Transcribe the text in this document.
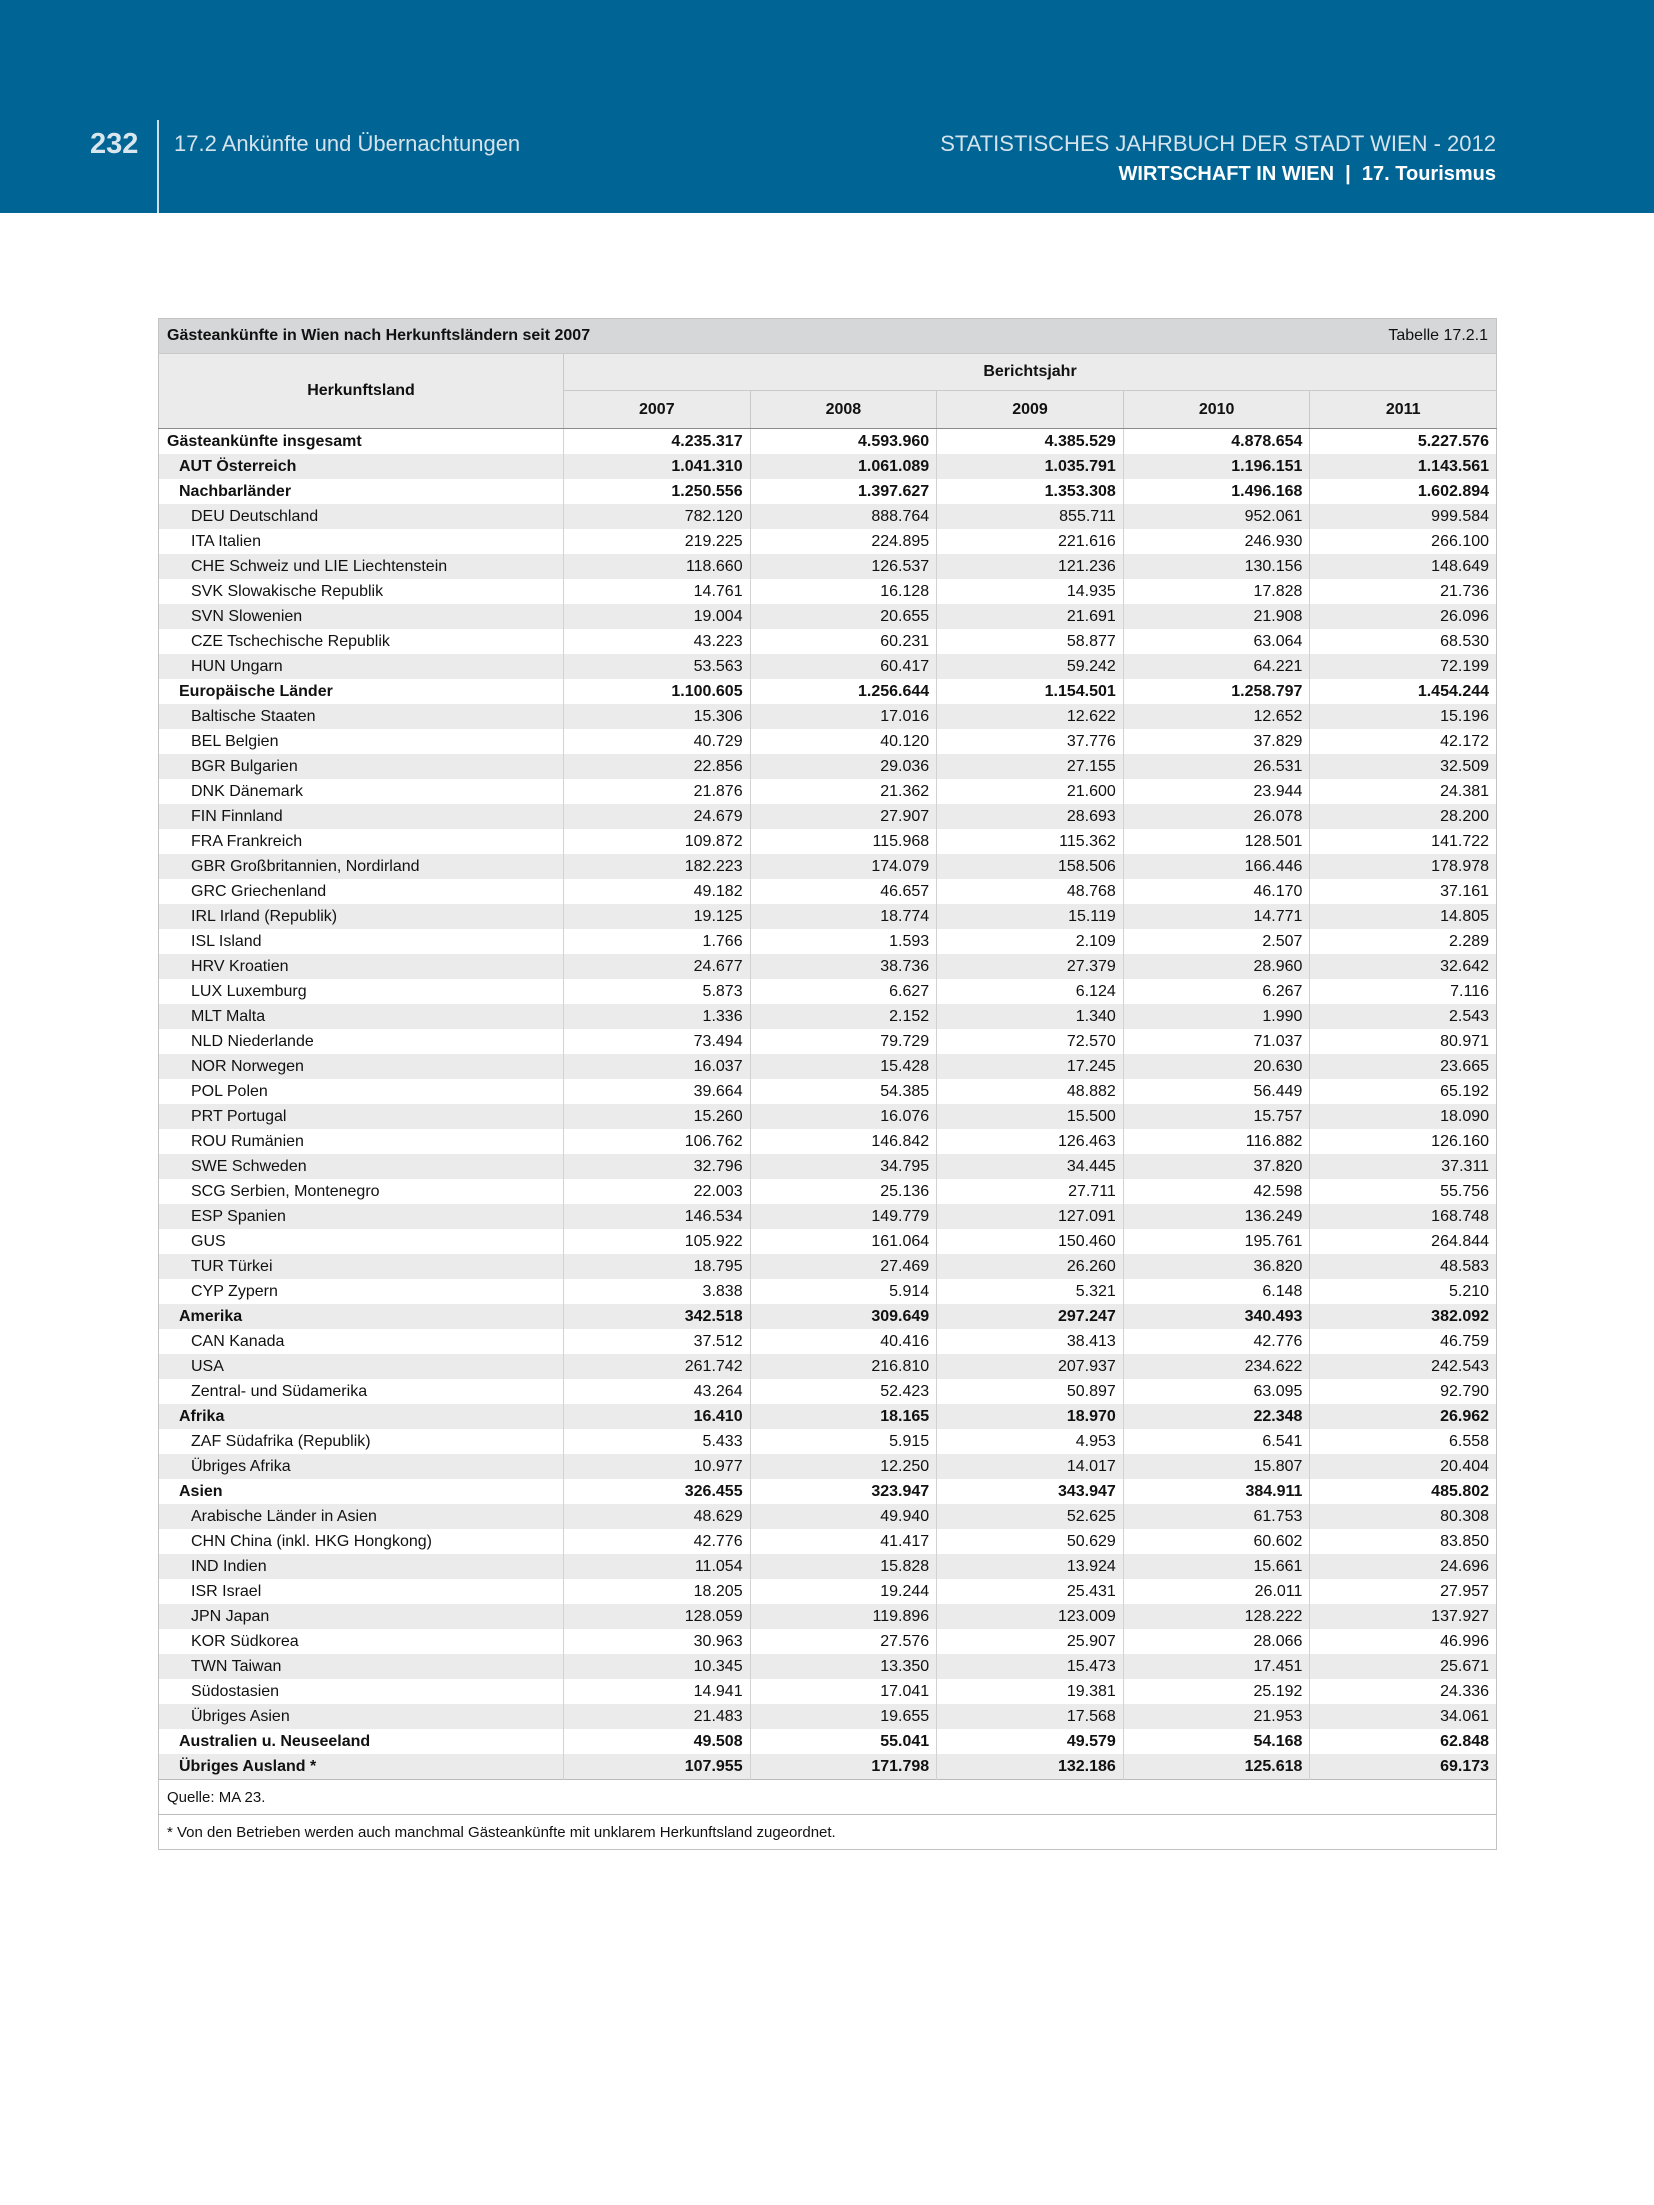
232 17.2 Ankünfte und Übernachtungen	STATISTISCHES JAHRBUCH DER STADT WIEN - 2012
WIRTSCHAFT IN WIEN  |  17. Tourismus
Gästeankünfte in Wien nach Herkunftsländern seit 2007				Tabelle 17.2.1	
Herkunftsland	Berichtsjahr				
	2007	2008	2009	2010	2011
Gästeankünfte insgesamt	4.235.317	4.593.960	4.385.529	4.878.654	5.227.576
AUT Österreich	1.041.310	1.061.089	1.035.791	1.196.151	1.143.561
Nachbarländer	1.250.556	1.397.627	1.353.308	1.496.168	1.602.894
DEU Deutschland	782.120	888.764	855.711	952.061	999.584
ITA Italien	219.225	224.895	221.616	246.930	266.100
CHE Schweiz und LIE Liechtenstein	118.660	126.537	121.236	130.156	148.649
SVK Slowakische Republik	14.761	16.128	14.935	17.828	21.736
SVN Slowenien	19.004	20.655	21.691	21.908	26.096
CZE Tschechische Republik	43.223	60.231	58.877	63.064	68.530
HUN Ungarn	53.563	60.417	59.242	64.221	72.199
Europäische Länder	1.100.605	1.256.644	1.154.501	1.258.797	1.454.244
Baltische Staaten	15.306	17.016	12.622	12.652	15.196
BEL Belgien	40.729	40.120	37.776	37.829	42.172
BGR Bulgarien	22.856	29.036	27.155	26.531	32.509
DNK Dänemark	21.876	21.362	21.600	23.944	24.381
FIN Finnland	24.679	27.907	28.693	26.078	28.200
FRA Frankreich	109.872	115.968	115.362	128.501	141.722
GBR Großbritannien, Nordirland	182.223	174.079	158.506	166.446	178.978
GRC Griechenland	49.182	46.657	48.768	46.170	37.161
IRL Irland (Republik)	19.125	18.774	15.119	14.771	14.805
ISL Island	1.766	1.593	2.109	2.507	2.289
HRV Kroatien	24.677	38.736	27.379	28.960	32.642
LUX Luxemburg	5.873	6.627	6.124	6.267	7.116
MLT Malta	1.336	2.152	1.340	1.990	2.543
NLD Niederlande	73.494	79.729	72.570	71.037	80.971
NOR Norwegen	16.037	15.428	17.245	20.630	23.665
POL Polen	39.664	54.385	48.882	56.449	65.192
PRT Portugal	15.260	16.076	15.500	15.757	18.090
ROU Rumänien	106.762	146.842	126.463	116.882	126.160
SWE Schweden	32.796	34.795	34.445	37.820	37.311
SCG Serbien, Montenegro	22.003	25.136	27.711	42.598	55.756
ESP Spanien	146.534	149.779	127.091	136.249	168.748
GUS	105.922	161.064	150.460	195.761	264.844
TUR Türkei	18.795	27.469	26.260	36.820	48.583
CYP Zypern	3.838	5.914	5.321	6.148	5.210
Amerika	342.518	309.649	297.247	340.493	382.092
CAN Kanada	37.512	40.416	38.413	42.776	46.759
USA	261.742	216.810	207.937	234.622	242.543
Zentral- und Südamerika	43.264	52.423	50.897	63.095	92.790
Afrika	16.410	18.165	18.970	22.348	26.962
ZAF Südafrika (Republik)	5.433	5.915	4.953	6.541	6.558
Übriges Afrika	10.977	12.250	14.017	15.807	20.404
Asien	326.455	323.947	343.947	384.911	485.802
Arabische Länder in Asien	48.629	49.940	52.625	61.753	80.308
CHN China (inkl. HKG Hongkong)	42.776	41.417	50.629	60.602	83.850
IND Indien	11.054	15.828	13.924	15.661	24.696
ISR Israel	18.205	19.244	25.431	26.011	27.957
JPN Japan	128.059	119.896	123.009	128.222	137.927
KOR Südkorea	30.963	27.576	25.907	28.066	46.996
TWN Taiwan	10.345	13.350	15.473	17.451	25.671
Südostasien	14.941	17.041	19.381	25.192	24.336
Übriges Asien	21.483	19.655	17.568	21.953	34.061
Australien u. Neuseeland	49.508	55.041	49.579	54.168	62.848
Übriges Ausland *	107.955	171.798	132.186	125.618	69.173
Quelle: MA 23.					
* Von den Betrieben werden auch manchmal Gästeankünfte mit unklarem Herkunftsland zugeordnet.					
